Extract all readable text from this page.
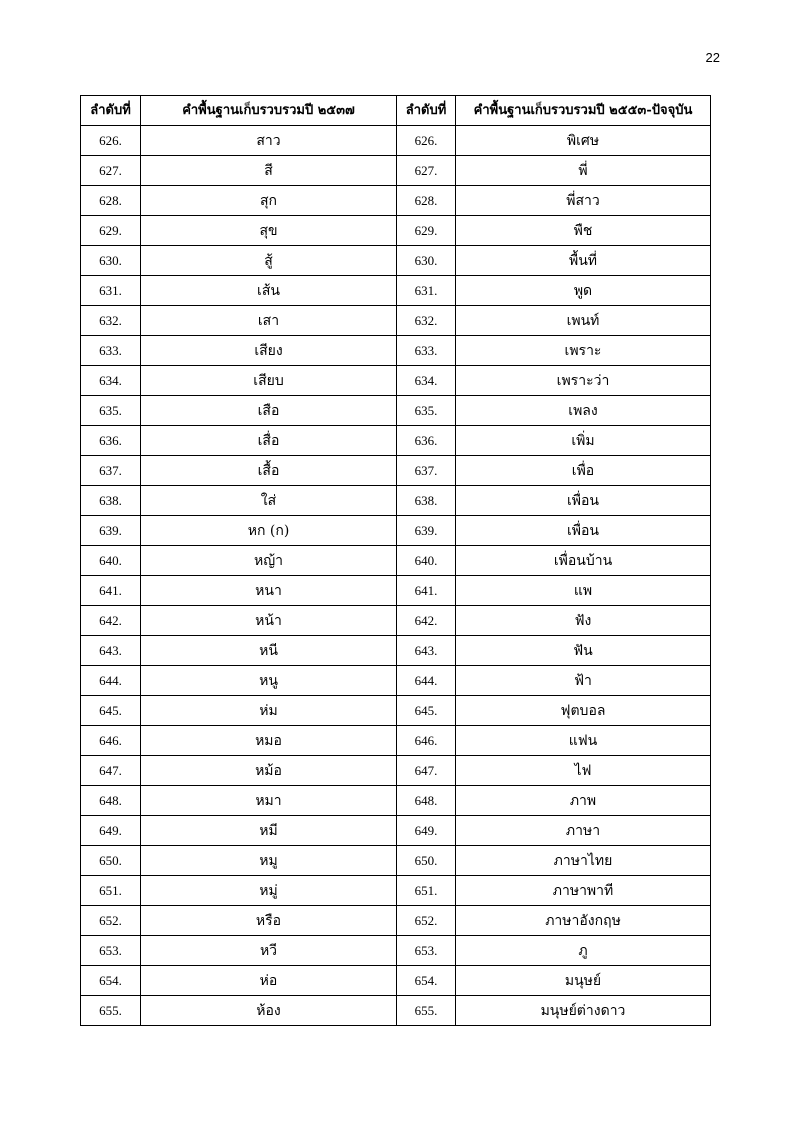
22
ลำดับที่	คำพื้นฐานเก็บรวบรวมปี ๒๕๓๗	ลำดับที่	คำพื้นฐานเก็บรวบรวมปี ๒๕๕๓-ปัจจุบัน
626.	สาว	626.	พิเศษ
627.	สี	627.	พี่
628.	สุก	628.	พี่สาว
629.	สุข	629.	พืช
630.	สู้	630.	พื้นที่
631.	เส้น	631.	พูด
632.	เสา	632.	เพนท์
633.	เสียง	633.	เพราะ
634.	เสียบ	634.	เพราะว่า
635.	เสือ	635.	เพลง
636.	เสื่อ	636.	เพิ่ม
637.	เสื้อ	637.	เพื่อ
638.	ใส่	638.	เพื่อน
639.	หก (ก)	639.	เพื่อน
640.	หญ้า	640.	เพื่อนบ้าน
641.	หนา	641.	แพ
642.	หน้า	642.	ฟัง
643.	หนี	643.	ฟัน
644.	หนู	644.	ฟ้า
645.	ห่ม	645.	ฟุตบอล
646.	หมอ	646.	แฟน
647.	หม้อ	647.	ไฟ
648.	หมา	648.	ภาพ
649.	หมี	649.	ภาษา
650.	หมู	650.	ภาษาไทย
651.	หมู่	651.	ภาษาพาที
652.	หรือ	652.	ภาษาอังกฤษ
653.	หวี	653.	ภู
654.	ห่อ	654.	มนุษย์
655.	ห้อง	655.	มนุษย์ต่างดาว
